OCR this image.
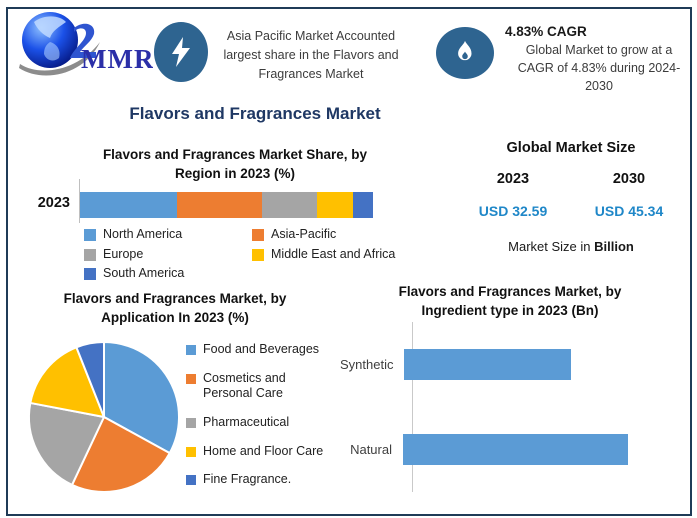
MMR
Asia Pacific Market Accounted largest share in the Flavors and Fragrances Market
4.83% CAGR
Global Market to grow at a CAGR of 4.83% during 2024-2030
Flavors and Fragrances Market
Flavors and Fragrances Market Share, by
Region in 2023 (%)
2023
North America	Asia-Pacific
Europe	Middle East and Africa
South America
Global Market Size
2023	2030
USD 32.59	USD 45.34
Market Size in Billion
Flavors and Fragrances Market, by
Application In 2023 (%)
Food and Beverages
Cosmetics and Personal Care
Pharmaceutical
Home and Floor Care
Fine Fragrance.
Flavors and Fragrances Market, by
Ingredient type in 2023 (Bn)
Synthetic
Natural
